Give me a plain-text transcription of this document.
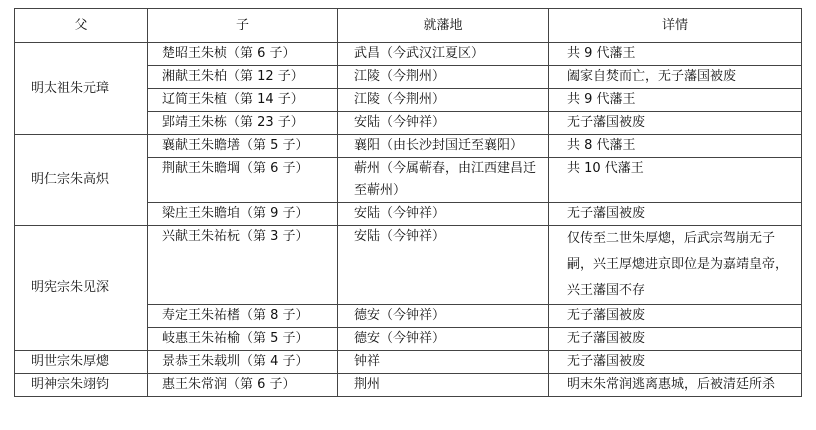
父	子	就藩地	详情
明太祖朱元璋	楚昭王朱桢（第 6 子）	武昌（今武汉江夏区）	共 9 代藩王
	湘献王朱柏（第 12 子）	江陵（今荆州）	阖家自焚而亡，无子藩国被废
	辽简王朱植（第 14 子）	江陵（今荆州）	共 9 代藩王
	郢靖王朱栋（第 23 子）	安陆（今钟祥）	无子藩国被废
明仁宗朱高炽	襄献王朱瞻墡（第 5 子）	襄阳（由长沙封国迁至襄阳）	共 8 代藩王
	荆献王朱瞻堈（第 6 子）	蕲州（今属蕲春，由江西建昌迁至蕲州）	共 10 代藩王
	梁庄王朱瞻垍（第 9 子）	安陆（今钟祥）	无子藩国被废
明宪宗朱见深	兴献王朱祐杬（第 3 子）	安陆（今钟祥）	仅传至二世朱厚熜，后武宗驾崩无子嗣，兴王厚熜进京即位是为嘉靖皇帝，兴王藩国不存
	寿定王朱祐榰（第 8 子）	德安（今钟祥）	无子藩国被废
	岐惠王朱祐榆（第 5 子）	德安（今钟祥）	无子藩国被废
明世宗朱厚熜	景恭王朱载圳（第 4 子）	钟祥	无子藩国被废
明神宗朱翊钧	惠王朱常润（第 6 子）	荆州	明末朱常润逃离惠城，后被清廷所杀
